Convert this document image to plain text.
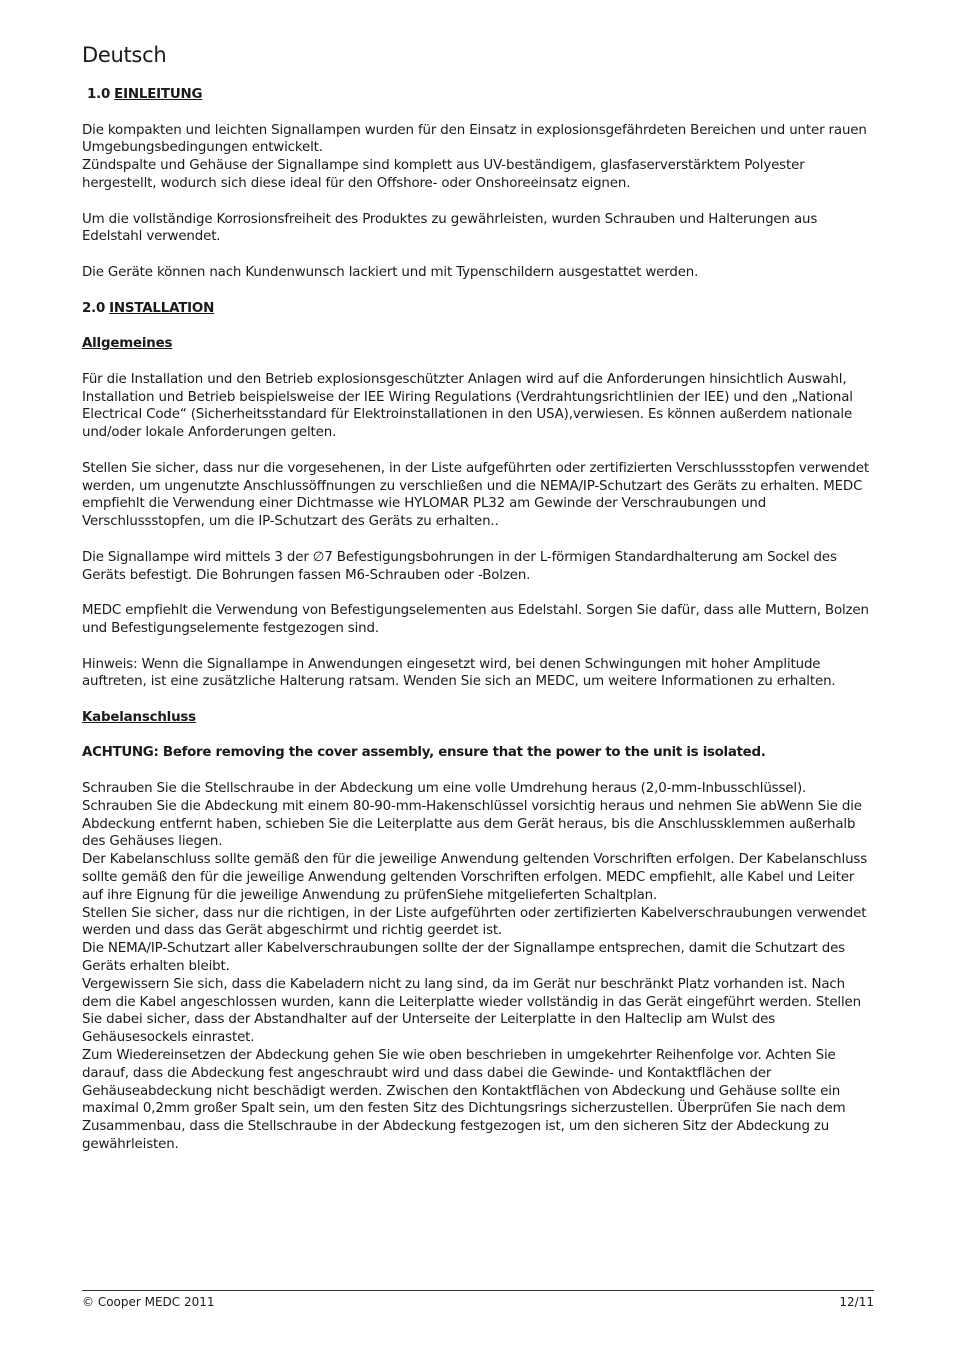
Deutsch
1.0 EINLEITUNG

Die kompakten und leichten Signallampen wurden für den Einsatz in explosionsgefährdeten Bereichen und unter rauen Umgebungsbedingungen entwickelt.

Zündspalte und Gehäuse der Signallampe sind komplett aus UV-beständigem, glasfaserverstärktem Polyester hergestellt, wodurch sich diese ideal für den Offshore- oder Onshoreeinsatz eignen.

Um die vollständige Korrosionsfreiheit des Produktes zu gewährleisten, wurden Schrauben und Halterungen aus Edelstahl verwendet.

Die Geräte können nach Kundenwunsch lackiert und mit Typenschildern ausgestattet werden.

2.0 INSTALLATION
Allgemeines

Für die Installation und den Betrieb explosionsgeschützter Anlagen wird auf die Anforderungen hinsichtlich Auswahl, Installation und Betrieb beispielsweise der IEE Wiring Regulations (Verdrahtungsrichtlinien der IEE) und den „National Electrical Code“ (Sicherheitsstandard für Elektroinstallationen in den USA),verwiesen. Es können außerdem nationale und/oder lokale Anforderungen gelten.

Stellen Sie sicher, dass nur die vorgesehenen, in der Liste aufgeführten oder zertifizierten Verschlussstopfen verwendet werden, um ungenutzte Anschlussöffnungen zu verschließen und die NEMA/IP-Schutzart des Geräts zu erhalten. MEDC empfiehlt die Verwendung einer Dichtmasse wie HYLOMAR PL32 am Gewinde der Verschraubungen und Verschlussstopfen, um die IP-Schutzart des Geräts zu erhalten..

Die Signallampe wird mittels 3 der ∅7 Befestigungsbohrungen in der L-förmigen Standardhalterung am Sockel des Geräts befestigt. Die Bohrungen fassen M6-Schrauben oder -Bolzen.

MEDC empfiehlt die Verwendung von Befestigungselementen aus Edelstahl. Sorgen Sie dafür, dass alle Muttern, Bolzen und Befestigungselemente festgezogen sind.

Hinweis: Wenn die Signallampe in Anwendungen eingesetzt wird, bei denen Schwingungen mit hoher Amplitude auftreten, ist eine zusätzliche Halterung ratsam. Wenden Sie sich an MEDC, um weitere Informationen zu erhalten.

Kabelanschluss
ACHTUNG: Before removing the cover assembly, ensure that the power to the unit is isolated.

Schrauben Sie die Stellschraube in der Abdeckung um eine volle Umdrehung heraus (2,0-mm-Inbusschlüssel). Schrauben Sie die Abdeckung mit einem 80-90-mm-Hakenschlüssel vorsichtig heraus und nehmen Sie abWenn Sie die Abdeckung entfernt haben, schieben Sie die Leiterplatte aus dem Gerät heraus, bis die Anschlussklemmen außerhalb des Gehäuses liegen.

Der Kabelanschluss sollte gemäß den für die jeweilige Anwendung geltenden Vorschriften erfolgen. Der Kabelanschluss sollte gemäß den für die jeweilige Anwendung geltenden Vorschriften erfolgen. MEDC empfiehlt, alle Kabel und Leiter auf ihre Eignung für die jeweilige Anwendung zu prüfenSiehe mitgelieferten Schaltplan.

Stellen Sie sicher, dass nur die richtigen, in der Liste aufgeführten oder zertifizierten Kabelverschraubungen verwendet werden und dass das Gerät abgeschirmt und richtig geerdet ist.

Die NEMA/IP-Schutzart aller Kabelverschraubungen sollte der der Signallampe entsprechen, damit die Schutzart des Geräts erhalten bleibt.

Vergewissern Sie sich, dass die Kabeladern nicht zu lang sind, da im Gerät nur beschränkt Platz vorhanden ist. Nach dem die Kabel angeschlossen wurden, kann die Leiterplatte wieder vollständig in das Gerät eingeführt werden. Stellen Sie dabei sicher, dass der Abstandhalter auf der Unterseite der Leiterplatte in den Halteclip am Wulst des Gehäusesockels einrastet.

Zum Wiedereinsetzen der Abdeckung gehen Sie wie oben beschrieben in umgekehrter Reihenfolge vor. Achten Sie darauf, dass die Abdeckung fest angeschraubt wird und dass dabei die Gewinde- und Kontaktflächen der Gehäuseabdeckung nicht beschädigt werden. Zwischen den Kontaktflächen von Abdeckung und Gehäuse sollte ein maximal 0,2mm großer Spalt sein, um den festen Sitz des Dichtungsrings sicherzustellen. Überprüfen Sie nach dem Zusammenbau, dass die Stellschraube in der Abdeckung festgezogen ist, um den sicheren Sitz der Abdeckung zu gewährleisten.

© Cooper MEDC 2011	12/11
